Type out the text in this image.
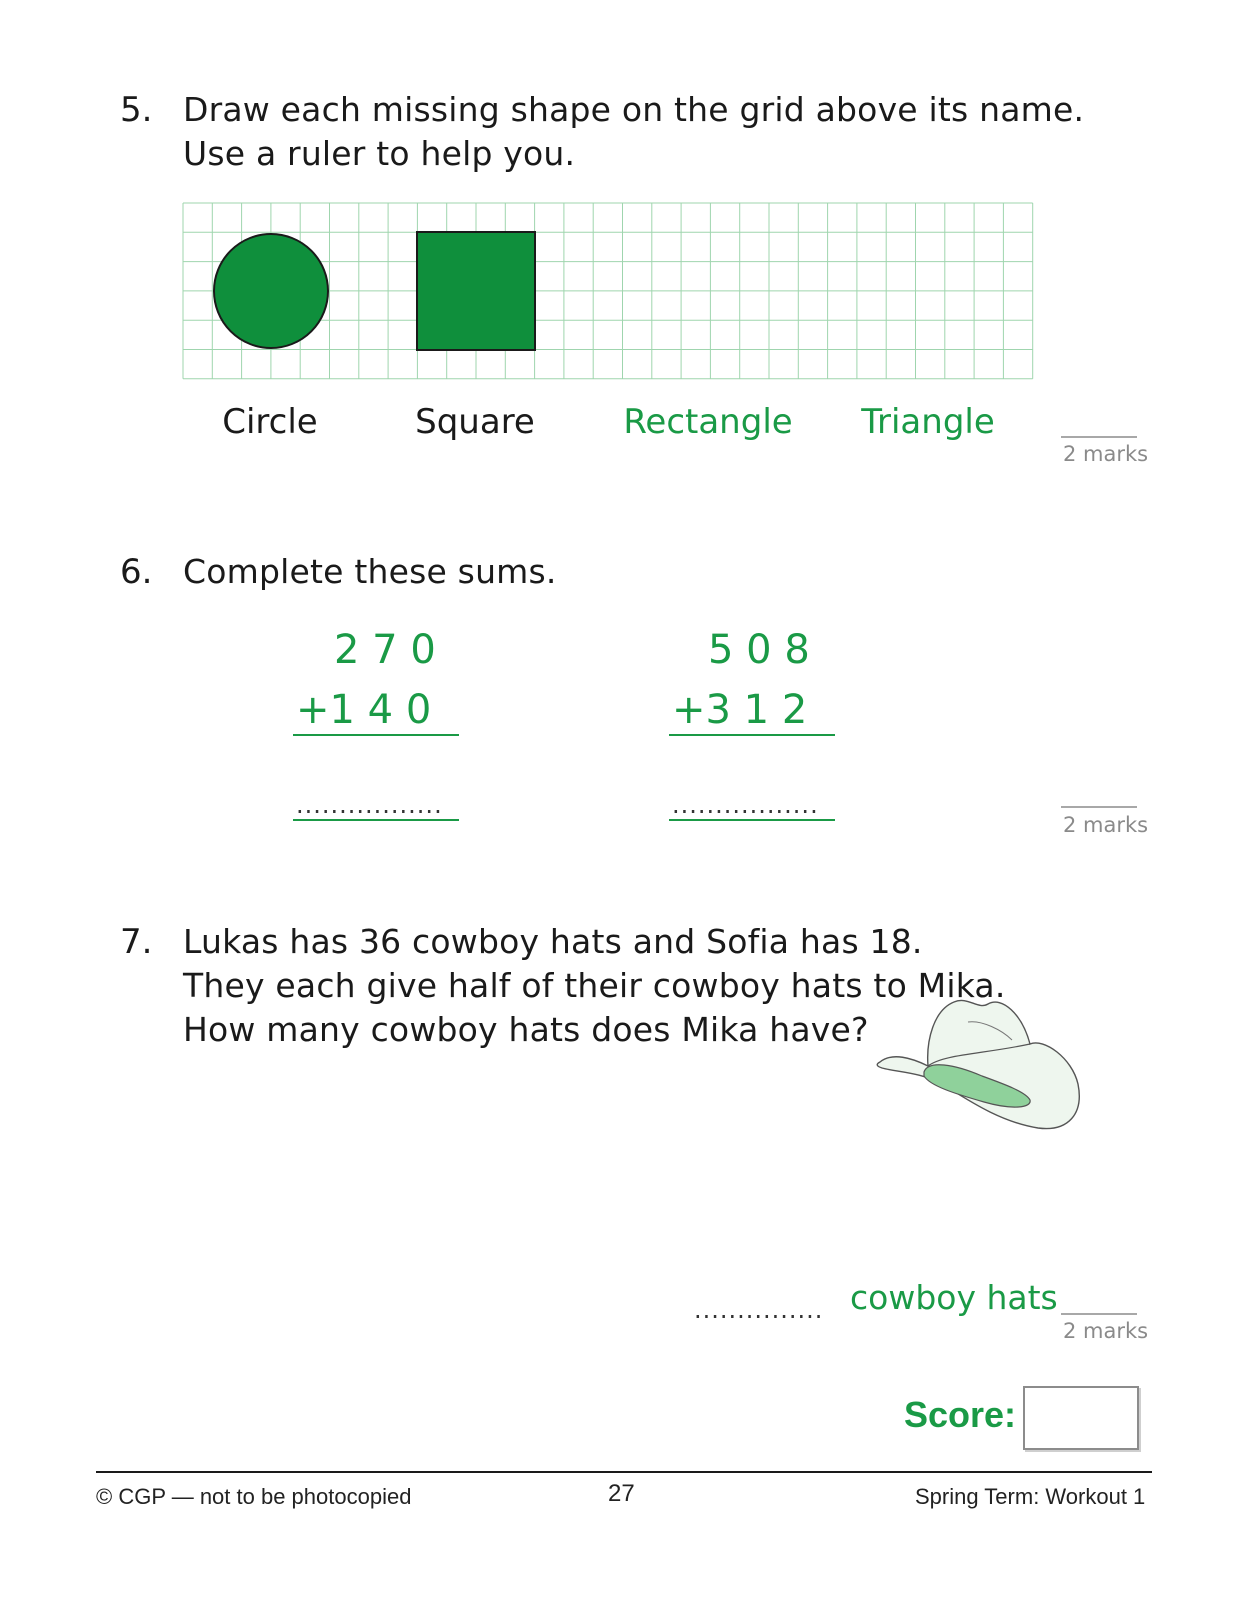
5. Draw each missing shape on the grid above its name.
Use a ruler to help you.
Circle	Square	Rectangle	Triangle
2 marks
6. Complete these sums.
2 7 0
+1 4 0
.................
5 0 8
+3 1 2
.................
2 marks
7. Lukas has 36 cowboy hats and Sofia has 18.
They each give half of their cowboy hats to Mika.
How many cowboy hats does Mika have?
............... cowboy hats
2 marks
Score:
© CGP — not to be photocopied	27	Spring Term: Workout 1
